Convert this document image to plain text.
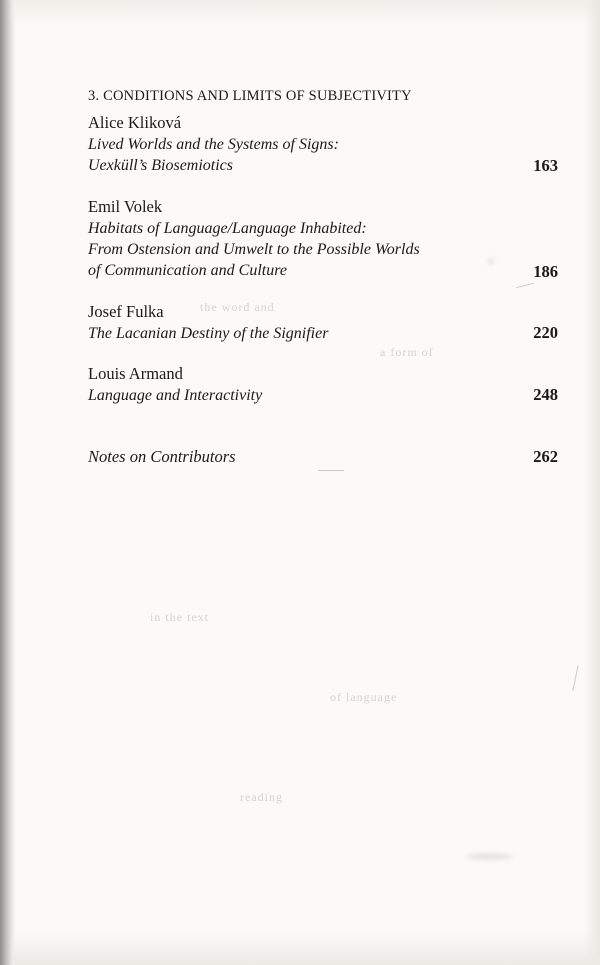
the word and
a form of
in the text
of language
reading
3. CONDITIONS AND LIMITS OF SUBJECTIVITY
Alice Kliková
Lived Worlds and the Systems of Signs:
Uexküll’s Biosemiotics	163
Emil Volek
Habitats of Language/Language Inhabited:
From Ostension and Umwelt to the Possible Worlds
of Communication and Culture	186
Josef Fulka
The Lacanian Destiny of the Signifier	220
Louis Armand
Language and Interactivity	248
Notes on Contributors	262
